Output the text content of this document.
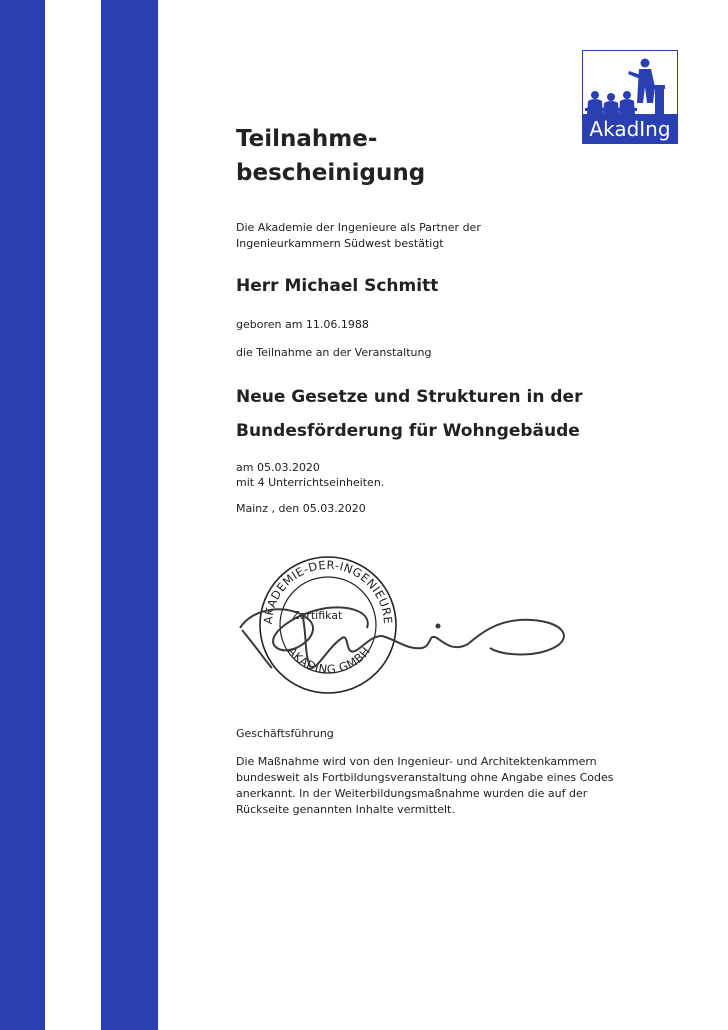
AKADEMIE DER INGENIEURE
AkadIng
Teilnahme-
bescheinigung
Die Akademie der Ingenieure als Partner der Ingenieurkammern Südwest bestätigt
Herr Michael Schmitt
geboren am 11.06.1988
die Teilnahme an der Veranstaltung
Neue Gesetze und Strukturen in der Bundesförderung für Wohngebäude
am 05.03.2020
mit 4 Unterrichtseinheiten.
Mainz , den 05.03.2020
AKADEMIE-DER-INGENIEURE
AKADING GMBH
Zertifikat
Geschäftsführung
Die Maßnahme wird von den Ingenieur- und Architektenkammern bundesweit als Fortbildungsveranstaltung ohne Angabe eines Codes anerkannt. In der Weiterbildungsmaßnahme wurden die auf der Rückseite genannten Inhalte vermittelt.
